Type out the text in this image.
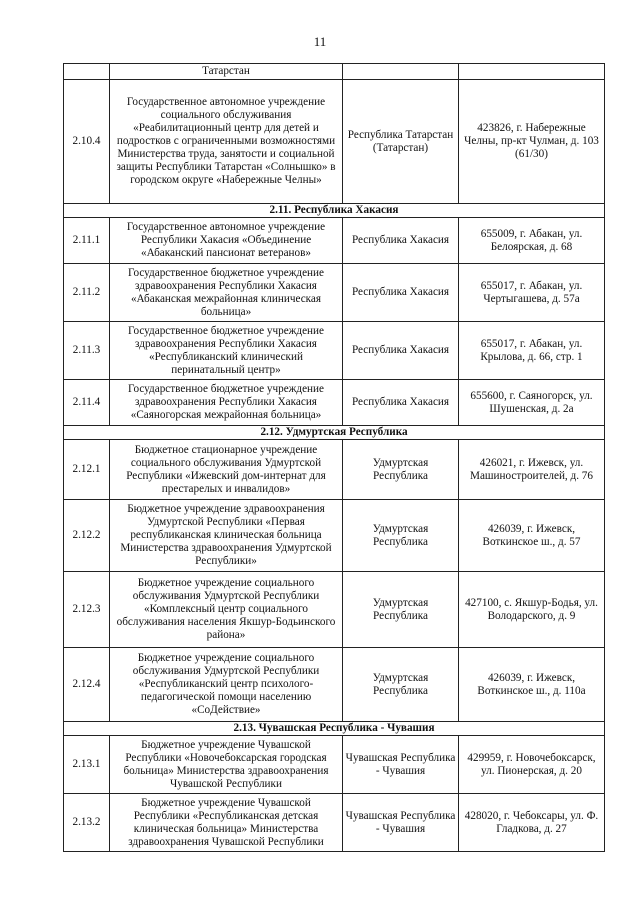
11
	Татарстан		
2.10.4	Государственное автономное учреждение социального обслуживания «Реабилитационный центр для детей и подростков с ограниченными возможностями Министерства труда, занятости и социальной защиты Республики Татарстан «Солнышко» в городском округе «Набережные Челны»	Республика Татарстан (Татарстан)	423826, г. Набережные Челны, пр-кт Чулман, д. 103 (61/30)
2.11. Республика Хакасия			
2.11.1	Государственное автономное учреждение Республики Хакасия «Объединение «Абаканский пансионат ветеранов»	Республика Хакасия	655009, г. Абакан, ул. Белоярская, д. 68
2.11.2	Государственное бюджетное учреждение здравоохранения Республики Хакасия «Абаканская межрайонная клиническая больница»	Республика Хакасия	655017, г. Абакан, ул. Чертыгашева, д. 57а
2.11.3	Государственное бюджетное учреждение здравоохранения Республики Хакасия «Республиканский клинический перинатальный центр»	Республика Хакасия	655017, г. Абакан, ул. Крылова, д. 66, стр. 1
2.11.4	Государственное бюджетное учреждение здравоохранения Республики Хакасия «Саяногорская межрайонная больница»	Республика Хакасия	655600, г. Саяногорск, ул. Шушенская, д. 2а
2.12. Удмуртская Республика			
2.12.1	Бюджетное стационарное учреждение социального обслуживания Удмуртской Республики «Ижевский дом-интернат для престарелых и инвалидов»	Удмуртская Республика	426021, г. Ижевск, ул. Машиностроителей, д. 76
2.12.2	Бюджетное учреждение здравоохранения Удмуртской Республики «Первая республиканская клиническая больница Министерства здравоохранения Удмуртской Республики»	Удмуртская Республика	426039, г. Ижевск, Воткинское ш., д. 57
2.12.3	Бюджетное учреждение социального обслуживания Удмуртской Республики «Комплексный центр социального обслуживания населения Якшур-Бодьинского района»	Удмуртская Республика	427100, с. Якшур-Бодья, ул. Володарского, д. 9
2.12.4	Бюджетное учреждение социального обслуживания Удмуртской Республики «Республиканский центр психолого-педагогической помощи населению «СоДействие»	Удмуртская Республика	426039, г. Ижевск, Воткинское ш., д. 110а
2.13. Чувашская Республика - Чувашия			
2.13.1	Бюджетное учреждение Чувашской Республики «Новочебоксарская городская больница» Министерства здравоохранения Чувашской Республики	Чувашская Республика - Чувашия	429959, г. Новочебоксарск, ул. Пионерская, д. 20
2.13.2	Бюджетное учреждение Чувашской Республики «Республиканская детская клиническая больница» Министерства здравоохранения Чувашской Республики	Чувашская Республика - Чувашия	428020, г. Чебоксары, ул. Ф. Гладкова, д. 27
